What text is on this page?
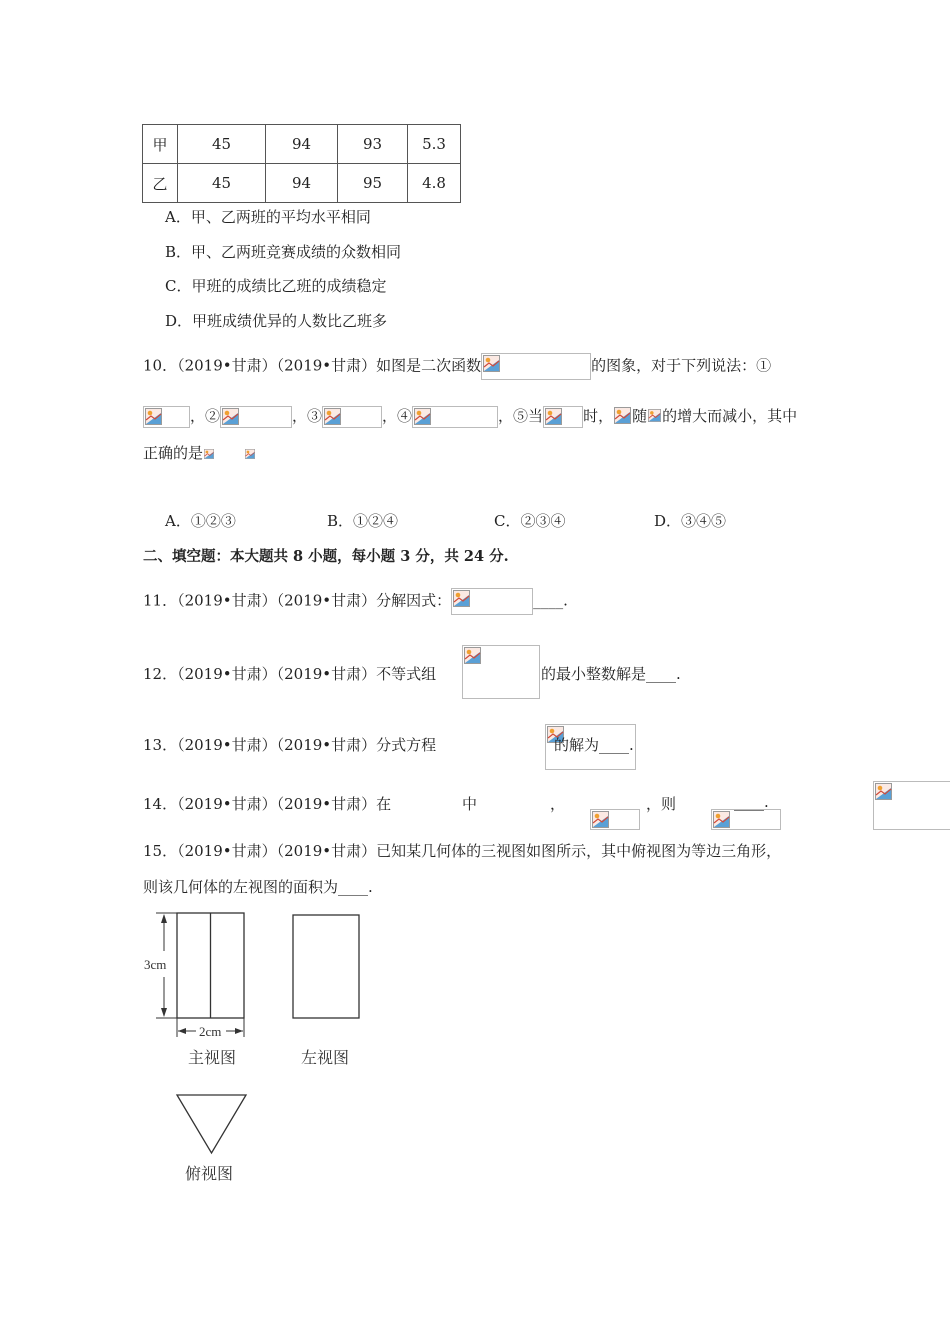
甲	45	94	93	5.3
乙	45	94	95	4.8
A．甲、乙两班的平均水平相同
B．甲、乙两班竞赛成绩的众数相同
C．甲班的成绩比乙班的成绩稳定
D．甲班成绩优异的人数比乙班多
10．（2019•甘肃）（2019•甘肃）如图是二次函数	的图象，对于下列说法：①
，②	，③	，④	，⑤当	时， 随 的增大而减小，其中
正确的是
A．①②③	B．①②④	C．②③④	D．③④⑤
二、填空题：本大题共 8 小题，每小题 3 分，共 24 分.
11．（2019•甘肃）（2019•甘肃）分解因式：	____.
12．（2019•甘肃）（2019•甘肃）不等式组
	的最小整数解是____.
13．（2019•甘肃）（2019•甘肃）分式方程
	的解为____.
14．（2019•甘肃）（2019•甘肃）在
	中
	，
	，则	____.
15．（2019•甘肃）（2019•甘肃）已知某几何体的三视图如图所示，其中俯视图为等边三角形，
则该几何体的左视图的面积为____.
3cm
2cm
主视图	左视图
俯视图
